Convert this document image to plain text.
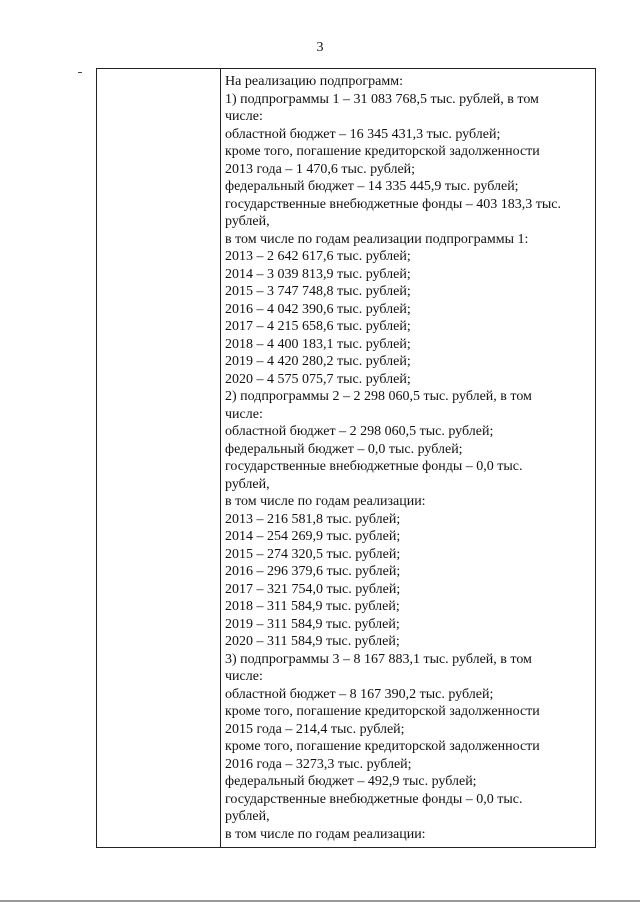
3
На реализацию подпрограмм:
1) подпрограммы 1 – 31 083 768,5 тыс. рублей, в том
числе:
областной бюджет – 16 345 431,3 тыс. рублей;
кроме того, погашение кредиторской задолженности
2013 года – 1 470,6 тыс. рублей;
федеральный бюджет – 14 335 445,9 тыс. рублей;
государственные внебюджетные фонды – 403 183,3 тыс.
рублей,
в том числе по годам реализации подпрограммы 1:
2013 – 2 642 617,6 тыс. рублей;
2014 – 3 039 813,9 тыс. рублей;
2015 – 3 747 748,8 тыс. рублей;
2016 – 4 042 390,6 тыс. рублей;
2017 – 4 215 658,6 тыс. рублей;
2018 – 4 400 183,1 тыс. рублей;
2019 – 4 420 280,2 тыс. рублей;
2020 – 4 575 075,7 тыс. рублей;
2) подпрограммы 2 – 2 298 060,5 тыс. рублей, в том
числе:
областной бюджет – 2 298 060,5 тыс. рублей;
федеральный бюджет – 0,0 тыс. рублей;
государственные внебюджетные фонды – 0,0 тыс.
рублей,
в том числе по годам реализации:
2013 – 216 581,8 тыс. рублей;
2014 – 254 269,9 тыс. рублей;
2015 – 274 320,5 тыс. рублей;
2016 – 296 379,6 тыс. рублей;
2017 – 321 754,0 тыс. рублей;
2018 – 311 584,9 тыс. рублей;
2019 – 311 584,9 тыс. рублей;
2020 – 311 584,9 тыс. рублей;
3) подпрограммы 3 – 8 167 883,1 тыс. рублей, в том
числе:
областной бюджет – 8 167 390,2 тыс. рублей;
кроме того, погашение кредиторской задолженности
2015 года – 214,4 тыс. рублей;
кроме того, погашение кредиторской задолженности
2016 года – 3273,3 тыс. рублей;
федеральный бюджет – 492,9 тыс. рублей;
государственные внебюджетные фонды – 0,0 тыс.
рублей,
в том числе по годам реализации:
